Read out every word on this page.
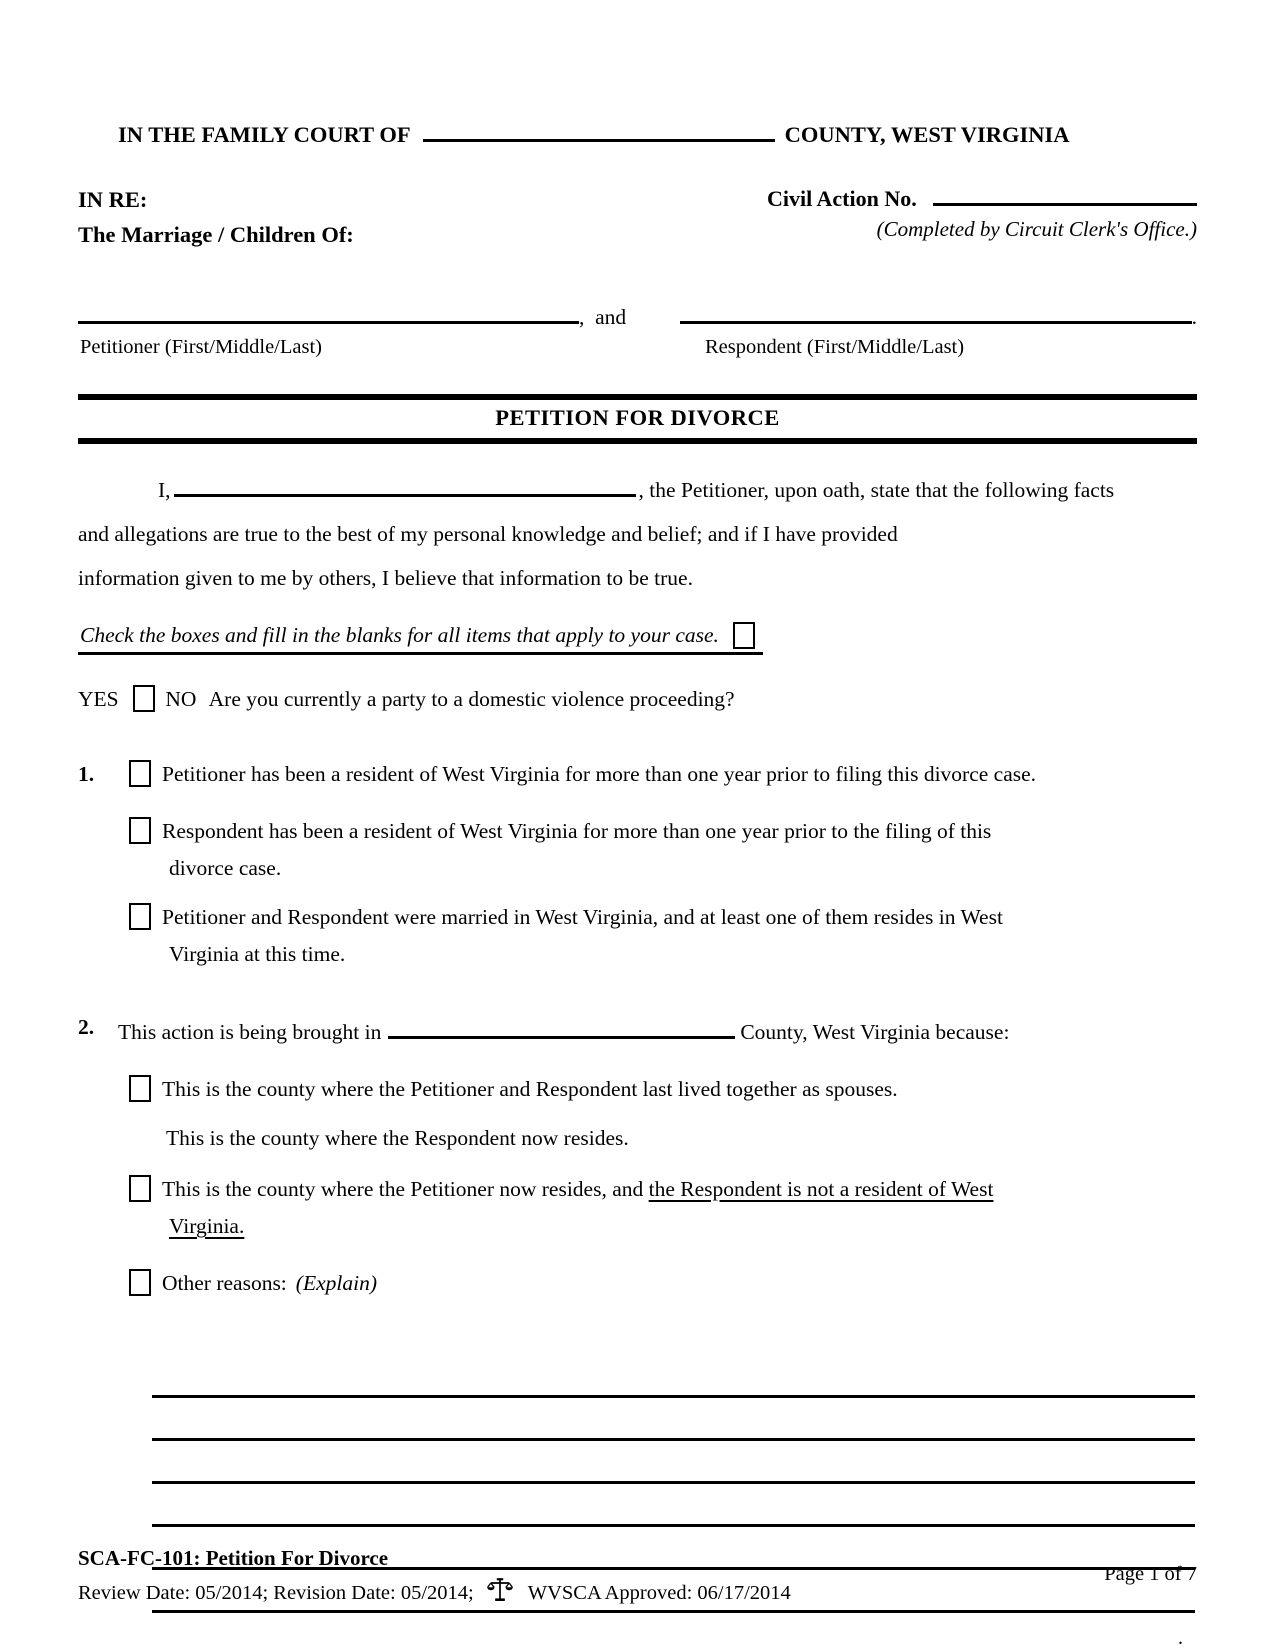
IN THE FAMILY COURT OF	COUNTY, WEST VIRGINIA
IN RE:
The Marriage / Children Of:
Civil Action No.
(Completed by Circuit Clerk's Office.)
,  and	.
Petitioner (First/Middle/Last)	Respondent (First/Middle/Last)
PETITION FOR DIVORCE
I,	, the Petitioner, upon oath, state that the following facts
and allegations are true to the best of my personal knowledge and belief; and if I have provided
information given to me by others, I believe that information to be true.
Check the boxes and fill in the blanks for all items that apply to your case.
YES NO Are you currently a party to a domestic violence proceeding?
1.	Petitioner has been a resident of West Virginia for more than one year prior to filing this divorce case.
Respondent has been a resident of West Virginia for more than one year prior to the filing of this
divorce case.
Petitioner and Respondent were married in West Virginia, and at least one of them resides in West
Virginia at this time.
2. This action is being brought in	County, West Virginia because:
This is the county where the Petitioner and Respondent last lived together as spouses.
This is the county where the Respondent now resides.
This is the county where the Petitioner now resides, and the Respondent is not a resident of West
Virginia.
Other reasons: (Explain)
.
SCA-FC-101: Petition For Divorce
Review Date: 05/2014; Revision Date: 05/2014;	WVSCA Approved: 06/17/2014
Page 1 of 7
